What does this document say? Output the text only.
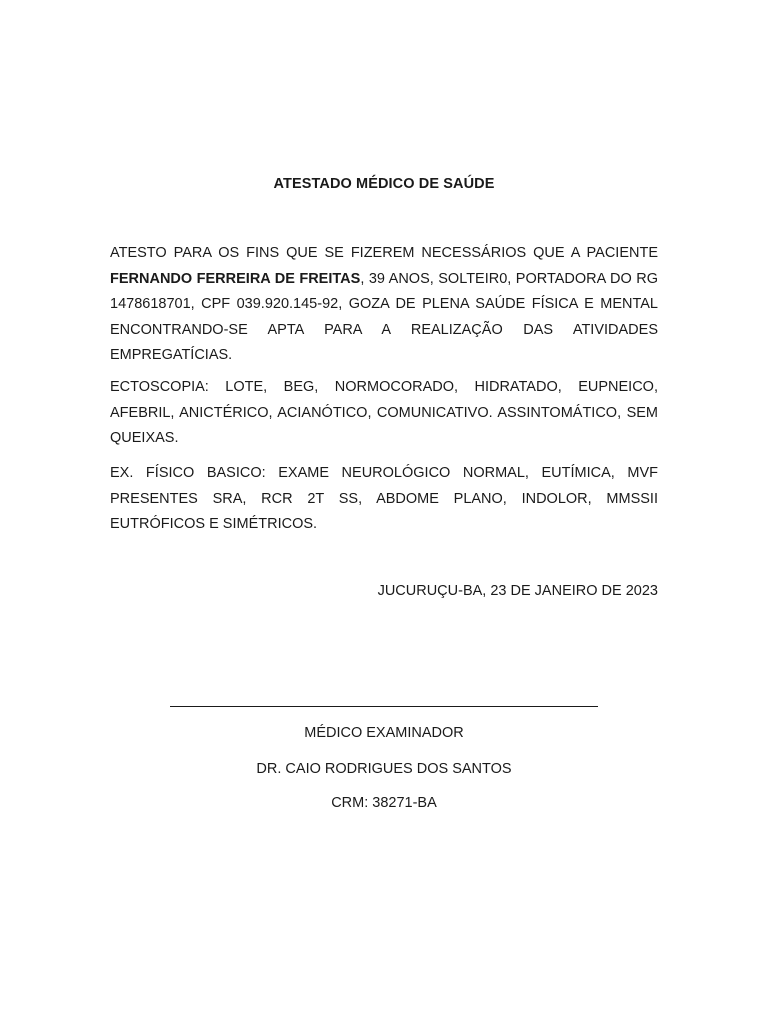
ATESTADO MÉDICO DE SAÚDE

ATESTO PARA OS FINS QUE SE FIZEREM NECESSÁRIOS QUE A PACIENTE FERNANDO FERREIRA DE FREITAS, 39 ANOS, SOLTEIR0, PORTADORA DO RG 1478618701, CPF 039.920.145-92, GOZA DE PLENA SAÚDE FÍSICA E MENTAL ENCONTRANDO-SE APTA PARA A REALIZAÇÃO DAS ATIVIDADES EMPREGATÍCIAS.

ECTOSCOPIA: LOTE, BEG, NORMOCORADO, HIDRATADO, EUPNEICO, AFEBRIL, ANICTÉRICO, ACIANÓTICO, COMUNICATIVO. ASSINTOMÁTICO, SEM QUEIXAS.

EX. FÍSICO BASICO: EXAME NEUROLÓGICO NORMAL, EUTÍMICA, MVF PRESENTES SRA, RCR 2T SS, ABDOME PLANO, INDOLOR, MMSSII EUTRÓFICOS E SIMÉTRICOS.

JUCURUÇU-BA, 23 DE JANEIRO DE 2023
MÉDICO EXAMINADOR
DR. CAIO RODRIGUES DOS SANTOS
CRM: 38271-BA
